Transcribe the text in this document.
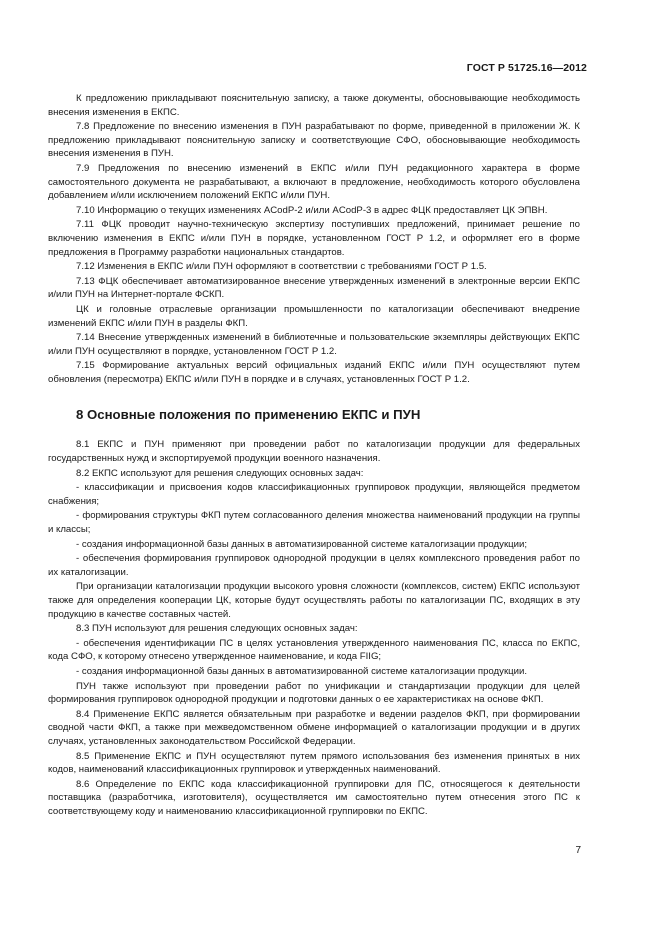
ГОСТ Р 51725.16—2012

К предложению прикладывают пояснительную записку, а также документы, обосновывающие необходимость внесения изменения в ЕКПС.

7.8 Предложение по внесению изменения в ПУН разрабатывают по форме, приведенной в приложении Ж. К предложению прикладывают пояснительную записку и соответствующие СФО, обосновывающие необходимость внесения изменения в ПУН.

7.9 Предложения по внесению изменений в ЕКПС и/или ПУН редакционного характера в форме самостоятельного документа не разрабатывают, а включают в предложение, необходимость которого обусловлена добавлением и/или исключением положений ЕКПС и/или ПУН.

7.10 Информацию о текущих изменениях ACodP-2 и/или ACodP-3 в адрес ФЦК предоставляет ЦК ЭПВН.

7.11 ФЦК проводит научно-техническую экспертизу поступивших предложений, принимает решение по включению изменения в ЕКПС и/или ПУН в порядке, установленном ГОСТ Р 1.2, и оформляет его в форме предложения в Программу разработки национальных стандартов.

7.12 Изменения в ЕКПС и/или ПУН оформляют в соответствии с требованиями ГОСТ Р 1.5.

7.13 ФЦК обеспечивает автоматизированное внесение утвержденных изменений в электронные версии ЕКПС и/или ПУН на Интернет-портале ФСКП.

ЦК и головные отраслевые организации промышленности по каталогизации обеспечивают внедрение изменений ЕКПС и/или ПУН в разделы ФКП.

7.14 Внесение утвержденных изменений в библиотечные и пользовательские экземпляры действующих ЕКПС и/или ПУН осуществляют в порядке, установленном ГОСТ Р 1.2.

7.15 Формирование актуальных версий официальных изданий ЕКПС и/или ПУН осуществляют путем обновления (пересмотра) ЕКПС и/или ПУН в порядке и в случаях, установленных ГОСТ Р 1.2.

8 Основные положения по применению ЕКПС и ПУН

8.1 ЕКПС и ПУН применяют при проведении работ по каталогизации продукции для федеральных государственных нужд и экспортируемой продукции военного назначения.

8.2 ЕКПС используют для решения следующих основных задач:

- классификации и присвоения кодов классификационных группировок продукции, являющейся предметом снабжения;

- формирования структуры ФКП путем согласованного деления множества наименований продукции на группы и классы;

- создания информационной базы данных в автоматизированной системе каталогизации продукции;

- обеспечения формирования группировок однородной продукции в целях комплексного проведения работ по их каталогизации.

При организации каталогизации продукции высокого уровня сложности (комплексов, систем) ЕКПС используют также для определения кооперации ЦК, которые будут осуществлять работы по каталогизации ПС, входящих в эту продукцию в качестве составных частей.

8.3 ПУН используют для решения следующих основных задач:

- обеспечения идентификации ПС в целях установления утвержденного наименования ПС, класса по ЕКПС, кода СФО, к которому отнесено утвержденное наименование, и кода FIIG;

- создания информационной базы данных в автоматизированной системе каталогизации продукции.

ПУН также используют при проведении работ по унификации и стандартизации продукции для целей формирования группировок однородной продукции и подготовки данных о ее характеристиках на основе ФКП.

8.4 Применение ЕКПС является обязательным при разработке и ведении разделов ФКП, при формировании сводной части ФКП, а также при межведомственном обмене информацией о каталогизации продукции и в других случаях, установленных законодательством Российской Федерации.

8.5 Применение ЕКПС и ПУН осуществляют путем прямого использования без изменения принятых в них кодов, наименований классификационных группировок и утвержденных наименований.

8.6 Определение по ЕКПС кода классификационной группировки для ПС, относящегося к деятельности поставщика (разработчика, изготовителя), осуществляется им самостоятельно путем отнесения этого ПС к соответствующему коду и наименованию классификационной группировки по ЕКПС.

7
